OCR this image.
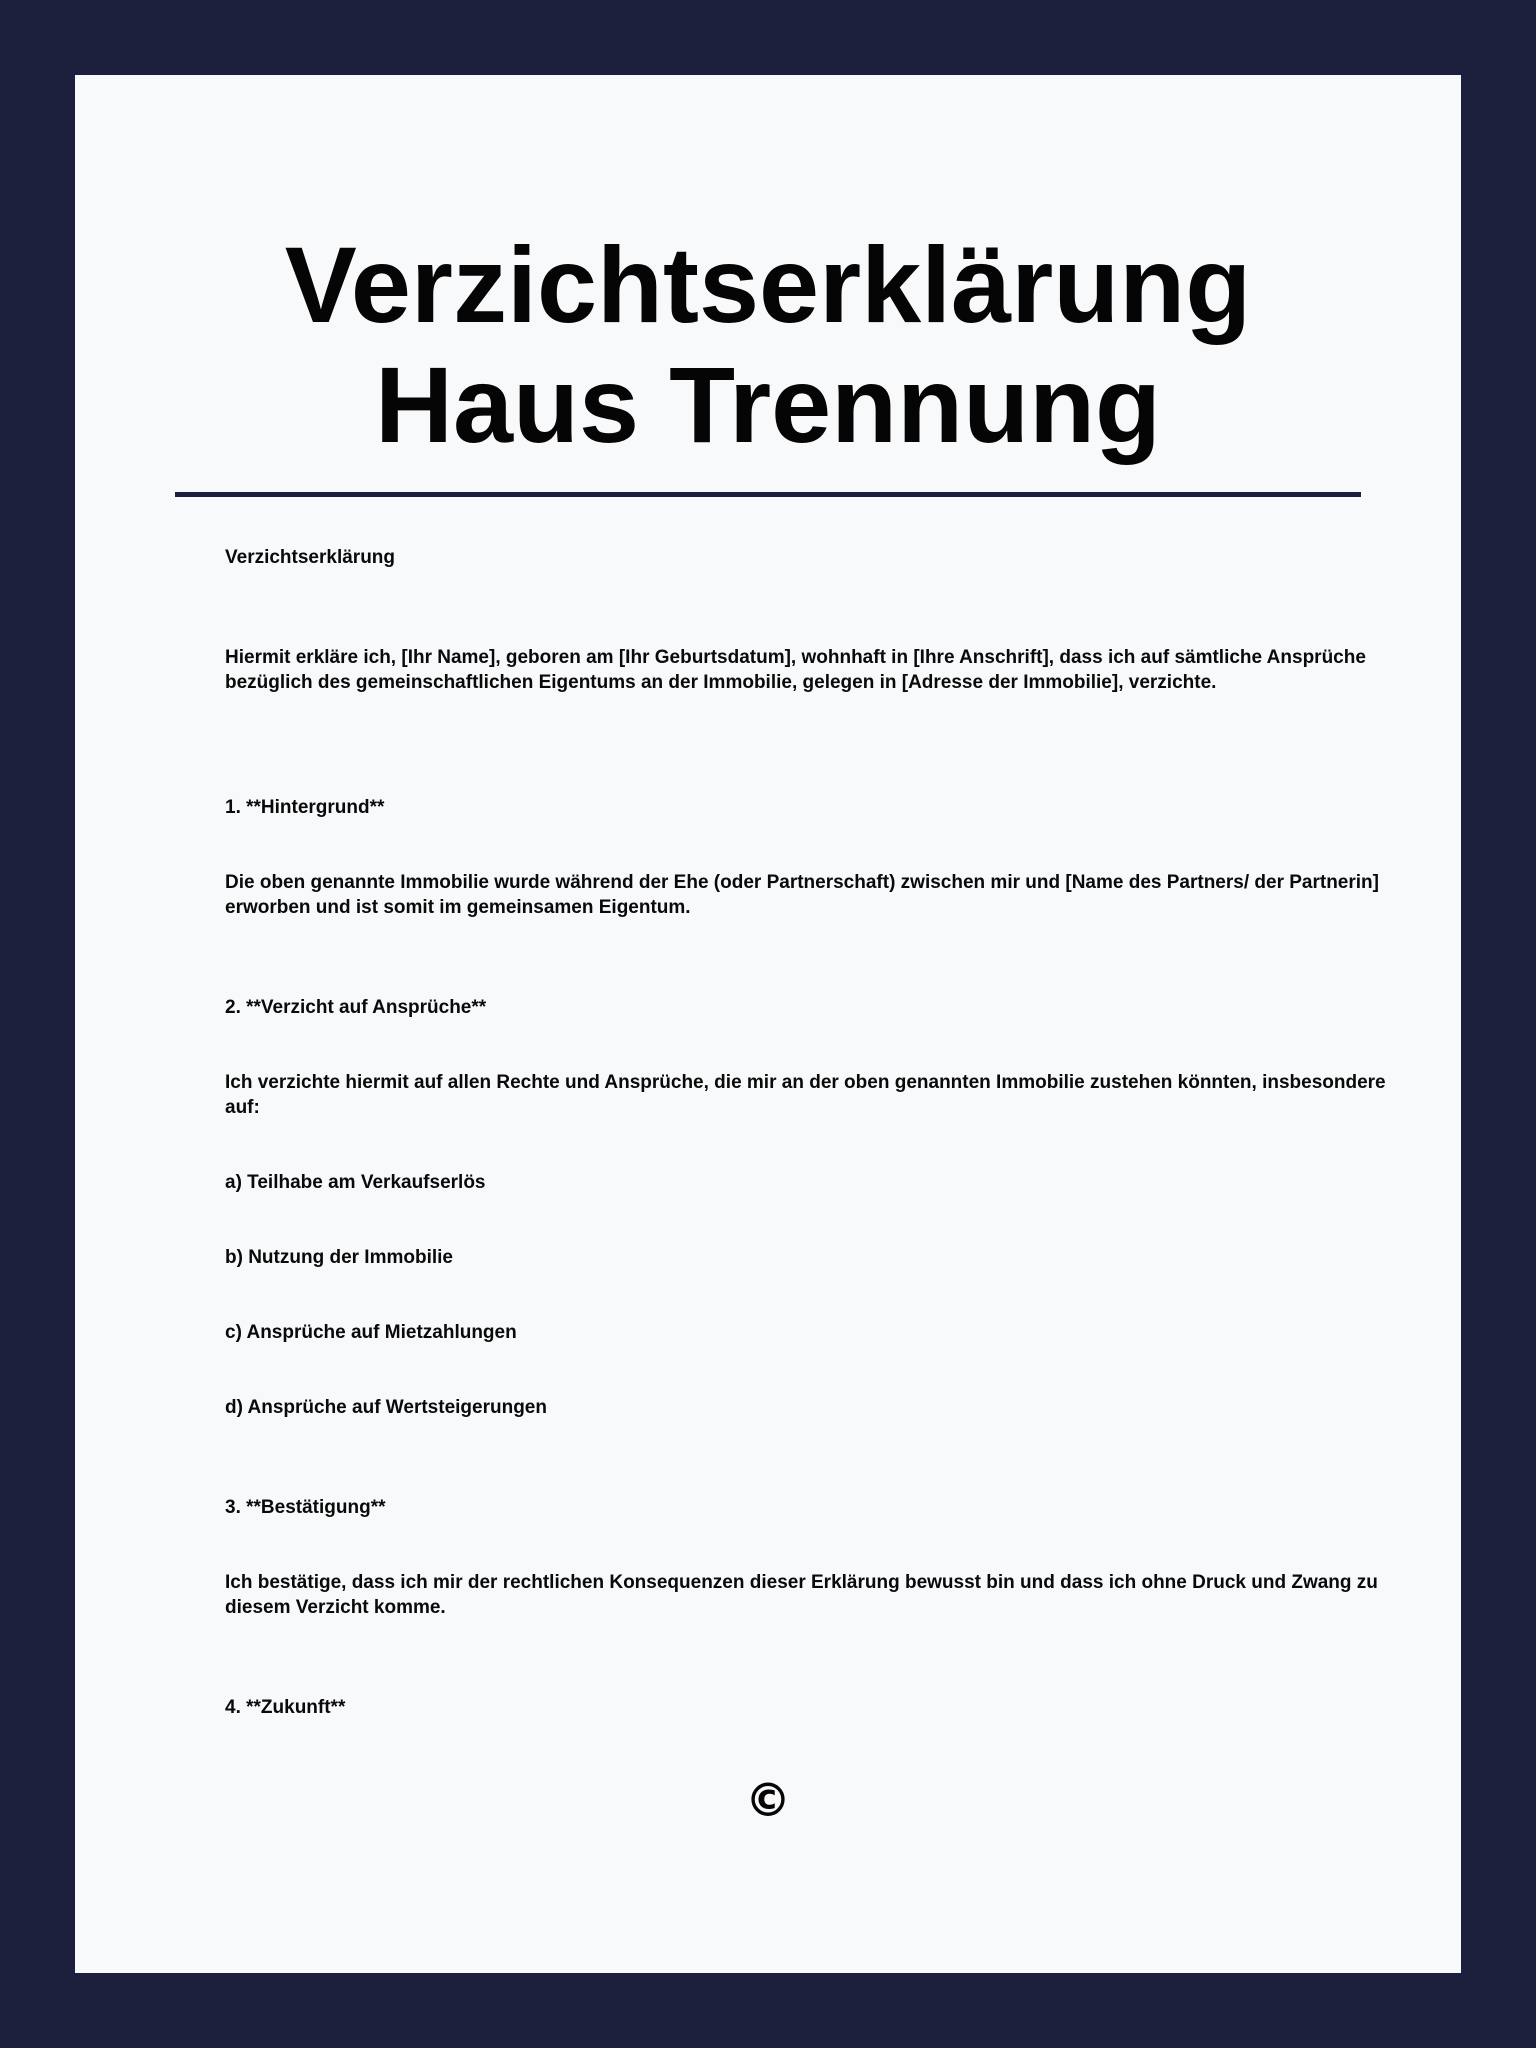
Verzichtserklärung
Haus Trennung

Verzichtserklärung

Hiermit erkläre ich, [Ihr Name], geboren am [Ihr Geburtsdatum], wohnhaft in [Ihre Anschrift], dass ich auf sämtliche Ansprüche bezüglich des gemeinschaftlichen Eigentums an der Immobilie, gelegen in [Adresse der Immobilie], verzichte.

1. **Hintergrund**

Die oben genannte Immobilie wurde während der Ehe (oder Partnerschaft) zwischen mir und [Name des Partners/ der Partnerin] erworben und ist somit im gemeinsamen Eigentum.

2. **Verzicht auf Ansprüche**

Ich verzichte hiermit auf allen Rechte und Ansprüche, die mir an der oben genannten Immobilie zustehen könnten, insbesondere auf:

a) Teilhabe am Verkaufserlös

b) Nutzung der Immobilie

c) Ansprüche auf Mietzahlungen

d) Ansprüche auf Wertsteigerungen

3. **Bestätigung**

Ich bestätige, dass ich mir der rechtlichen Konsequenzen dieser Erklärung bewusst bin und dass ich ohne Druck und Zwang zu diesem Verzicht komme.

4. **Zukunft**

©
